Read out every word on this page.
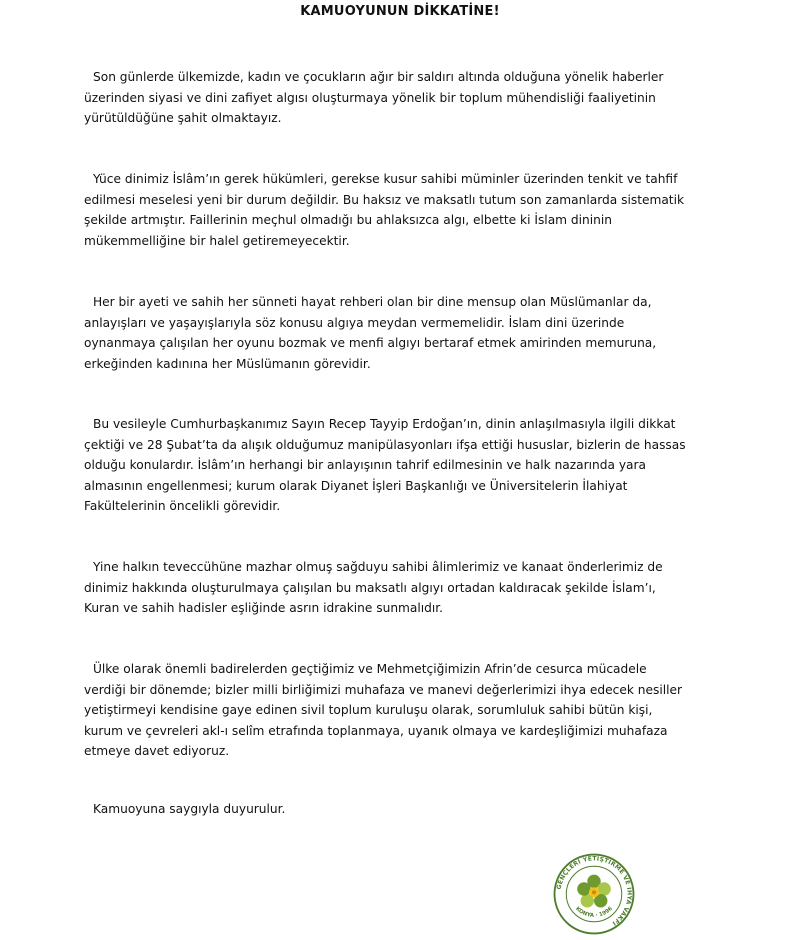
KAMUOYUNUN DİKKATİNE!

Son günlerde ülkemizde, kadın ve çocukların ağır bir saldırı altında olduğuna yönelik haberler üzerinden siyasi ve dini zafiyet algısı oluşturmaya yönelik bir toplum mühendisliği faaliyetinin yürütüldüğüne şahit olmaktayız.

Yüce dinimiz İslâm’ın gerek hükümleri, gerekse kusur sahibi müminler üzerinden tenkit ve tahfif edilmesi meselesi yeni bir durum değildir. Bu haksız ve maksatlı tutum son zamanlarda sistematik şekilde artmıştır. Faillerinin meçhul olmadığı bu ahlaksızca algı, elbette ki İslam dininin mükemmelliğine bir halel getiremeyecektir.

Her bir ayeti ve sahih her sünneti hayat rehberi olan bir dine mensup olan Müslümanlar da, anlayışları ve yaşayışlarıyla söz konusu algıya meydan vermemelidir. İslam dini üzerinde oynanmaya çalışılan her oyunu bozmak ve menfi algıyı bertaraf etmek amirinden memuruna, erkeğinden kadınına her Müslümanın görevidir.

Bu vesileyle Cumhurbaşkanımız Sayın Recep Tayyip Erdoğan’ın, dinin anlaşılmasıyla ilgili dikkat çektiği ve 28 Şubat’ta da alışık olduğumuz manipülasyonları ifşa ettiği hususlar, bizlerin de hassas olduğu konulardır. İslâm’ın herhangi bir anlayışının tahrif edilmesinin ve halk nazarında yara almasının engellenmesi; kurum olarak Diyanet İşleri Başkanlığı ve Üniversitelerin İlahiyat Fakültelerinin öncelikli görevidir.

Yine halkın teveccühüne mazhar olmuş sağduyu sahibi âlimlerimiz ve kanaat önderlerimiz de dinimiz hakkında oluşturulmaya çalışılan bu maksatlı algıyı ortadan kaldıracak şekilde İslam’ı, Kuran ve sahih hadisler eşliğinde asrın idrakine sunmalıdır.

Ülke olarak önemli badirelerden geçtiğimiz ve Mehmetçiğimizin Afrin’de cesurca mücadele verdiği bir dönemde; bizler milli birliğimizi muhafaza ve manevi değerlerimizi ihya edecek nesiller yetiştirmeyi kendisine gaye edinen sivil toplum kuruluşu olarak, sorumluluk sahibi bütün kişi, kurum ve çevreleri akl-ı selîm etrafında toplanmaya, uyanık olmaya ve kardeşliğimizi muhafaza etmeye davet ediyoruz.

Kamuoyuna saygıyla duyurulur.

GENÇLERİ YETİŞTİRME VE İHYA VAKFI
KONYA · 1996
